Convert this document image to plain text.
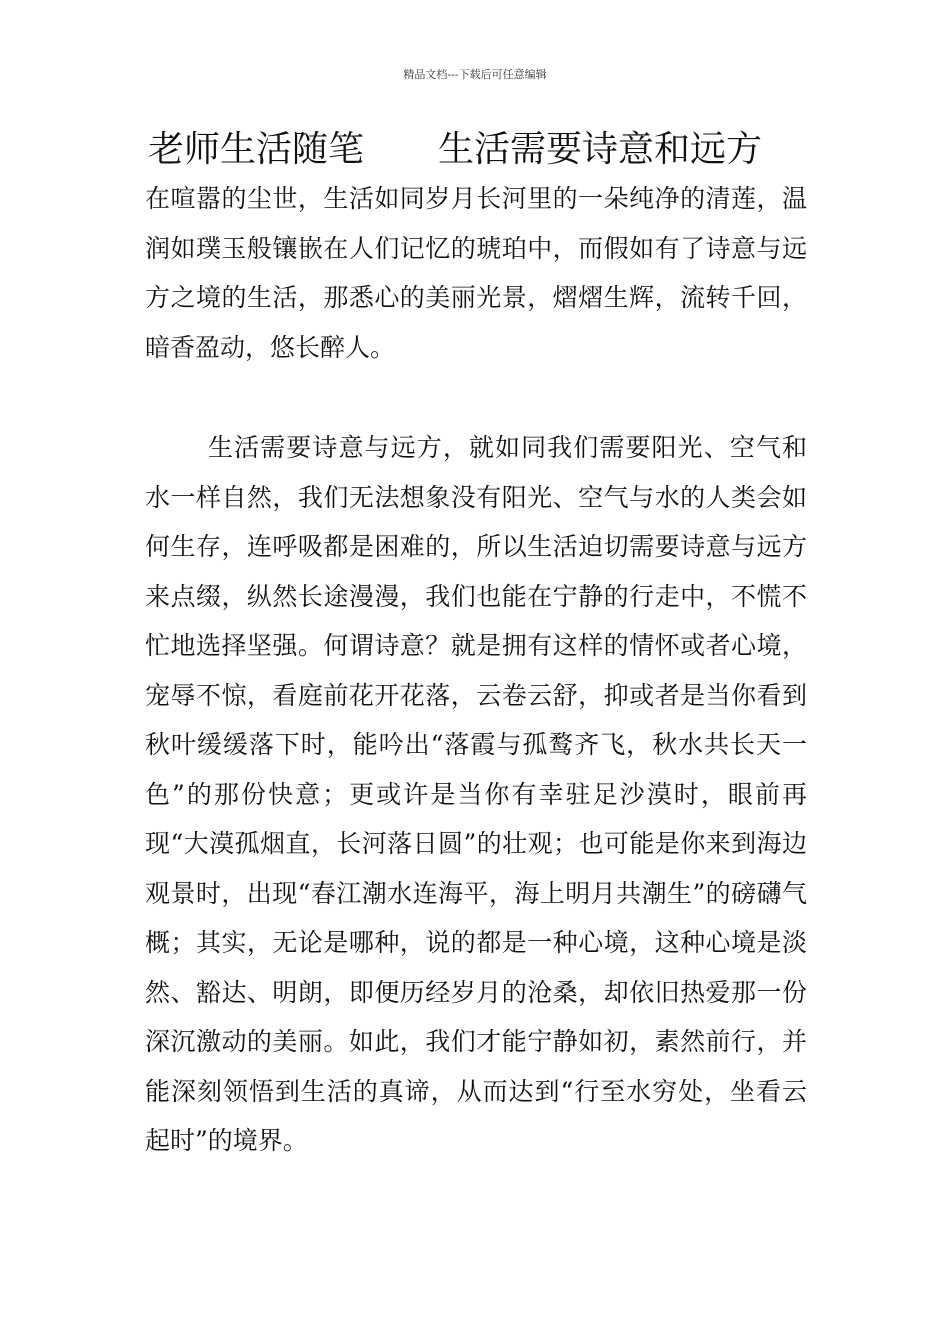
精品文档---下载后可任意编辑
老师生活随笔 生活需要诗意和远方

在喧嚣的尘世，生活如同岁月长河里的一朵纯净的清莲，温润如璞玉般镶嵌在人们记忆的琥珀中，而假如有了诗意与远方之境的生活，那悉心的美丽光景，熠熠生辉，流转千回，暗香盈动，悠长醉人。

生活需要诗意与远方，就如同我们需要阳光、空气和水一样自然，我们无法想象没有阳光、空气与水的人类会如何生存，连呼吸都是困难的，所以生活迫切需要诗意与远方来点缀，纵然长途漫漫，我们也能在宁静的行走中，不慌不忙地选择坚强。何谓诗意？就是拥有这样的情怀或者心境，宠辱不惊，看庭前花开花落，云卷云舒，抑或者是当你看到秋叶缓缓落下时，能吟出“落霞与孤鹜齐飞，秋水共长天一色”的那份快意；更或许是当你有幸驻足沙漠时，眼前再现“大漠孤烟直，长河落日圆”的壮观；也可能是你来到海边观景时，出现“春江潮水连海平，海上明月共潮生”的磅礴气概；其实，无论是哪种，说的都是一种心境，这种心境是淡然、豁达、明朗，即便历经岁月的沧桑，却依旧热爱那一份深沉激动的美丽。如此，我们才能宁静如初，素然前行，并能深刻领悟到生活的真谛，从而达到“行至水穷处，坐看云起时”的境界。
